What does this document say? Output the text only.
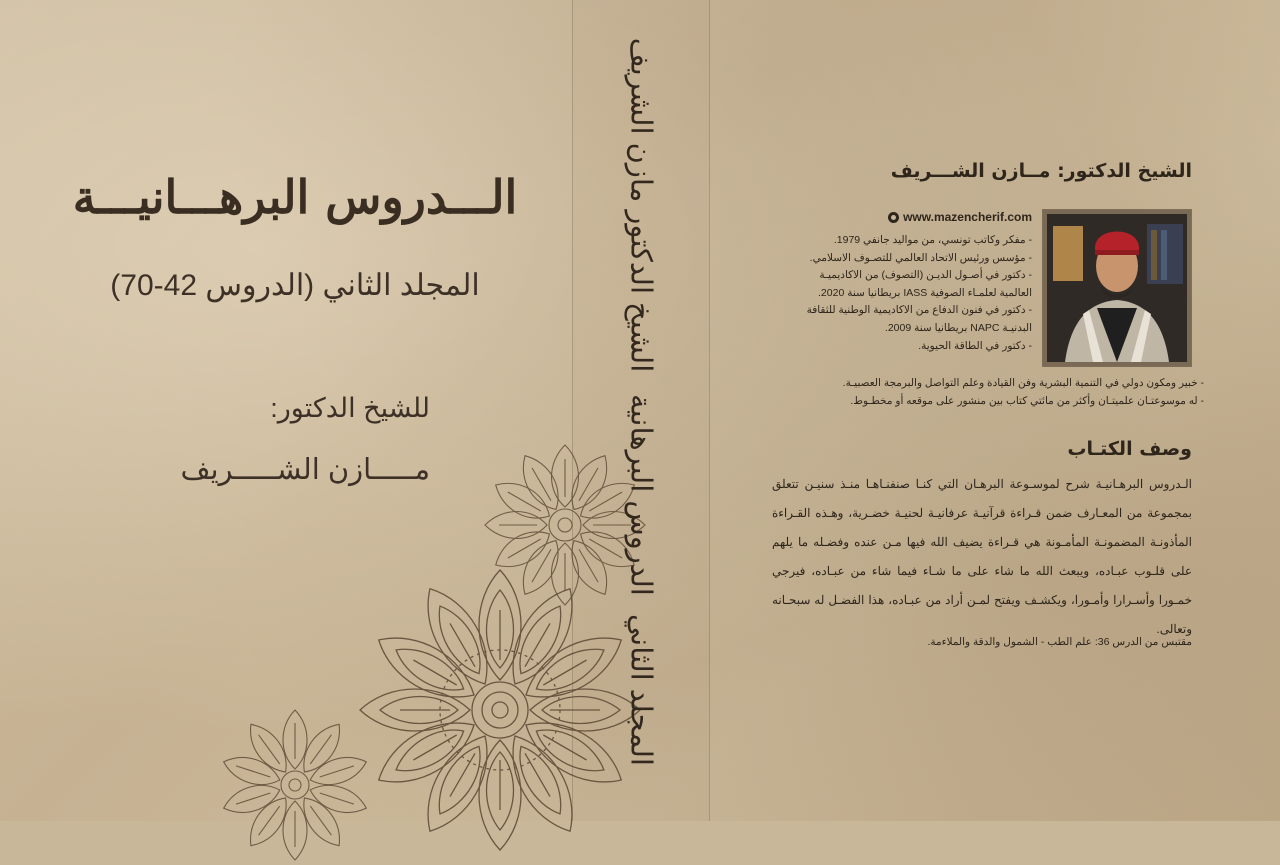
الـــدروس البرهـــانيـــة
المجلد الثاني (الدروس 42-70)
للشيخ الدكتور:
مـــــازن الشـــــريف
الشيخ الدكتور مازن الشريف
الدروس البرهانية
المجلد الثاني
الشيخ الدكتور: مــازن الشـــريف
www.mazencherif.com
- مفكر وكاتب تونسي، من مواليد جانفي 1979.
- مؤسس ورئيس الاتحاد العالمي للتصـوف الاسلامي.
- دكتور في أصـول الديـن (التصوف) من الاكاديميـة
العالمية لعلمـاء الصوفية IASS بريطانيا سنة 2020.
- دكتور في فنون الدفاع من الاكاديمية الوطنية للثقافة
البدنيـة NAPC بريطانيا سنة 2009.
- دكتور في الطاقة الحيوية.
- خبير ومكون دولي في التنمية البشرية وفن القيادة وعلم التواصل والبرمجة العصبيـة.
- له موسوعتـان علميتـان وأكثر من مائتي كتاب بين منشور على موقعه أو مخطـوط.
وصف الكتـاب
الـدروس البرهـانيـة شرح لموسـوعة البرهـان التي كنـا صنفنـاهـا منـذ سنيـن تتعلق بمجموعة من المعـارف ضمن قـراءة قرآنيـة عرفانيـة لحنيـة خضـرية، وهـذه القـراءة المأذونـة المضمونـة المأمـونة هي قـراءة يضيف الله فيها مـن عنده وفضـله ما يلهم على قلـوب عبـاده، ويبعث الله ما شاء على ما شـاء فيما شاء من عبـاده، فيرجي خمـورا وأسـرارا وأمـورا، ويكشـف ويفتح لمـن أراد من عبـاده، هذا الفضـل له سبحـانه وتعالى.
مقتبس من الدرس 36: علم الطب - الشمول والدقة والملاءمة.
